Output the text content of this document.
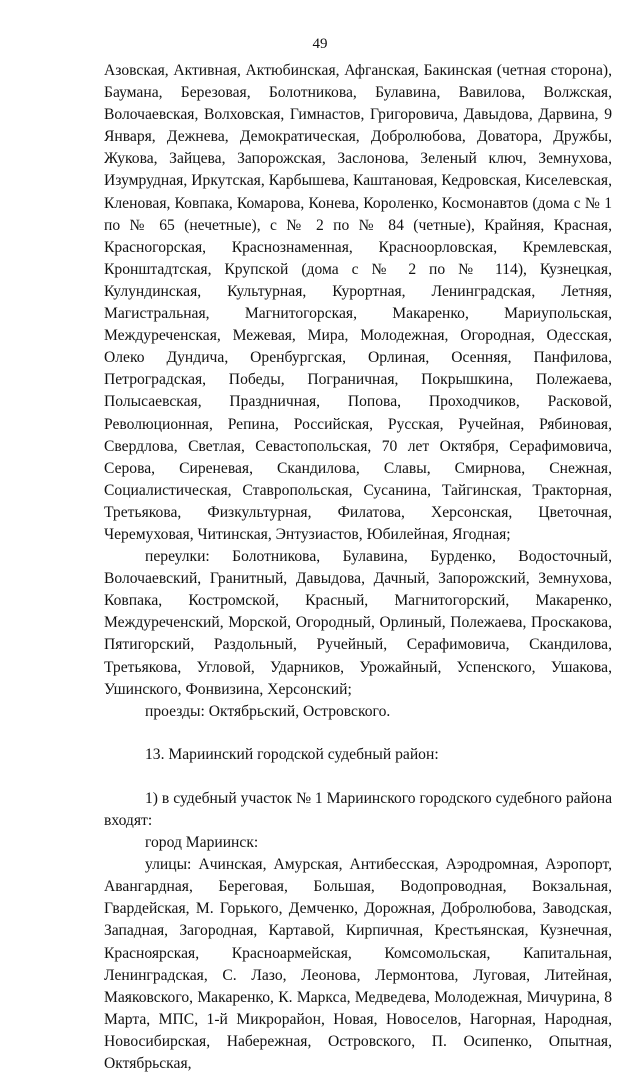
49

Азовская, Активная, Актюбинская, Афганская, Бакинская (четная сторона), Баумана, Березовая, Болотникова, Булавина, Вавилова, Волжская, Волочаевская, Волховская, Гимнастов, Григоровича, Давыдова, Дарвина, 9 Января, Дежнева, Демократическая, Добролюбова, Доватора, Дружбы, Жукова, Зайцева, Запорожская, Заслонова, Зеленый ключ, Земнухова, Изумрудная, Иркутская, Карбышева, Каштановая, Кедровская, Киселевская, Кленовая, Ковпака, Комарова, Конева, Короленко, Космонавтов (дома с № 1 по № 65 (нечетные), с № 2 по № 84 (четные), Крайняя, Красная, Красногорская, Краснознаменная, Красноорловская, Кремлевская, Кронштадтская, Крупской (дома с № 2 по № 114), Кузнецкая, Кулундинская, Культурная, Курортная, Ленинградская, Летняя, Магистральная, Магнитогорская, Макаренко, Мариупольская, Междуреченская, Межевая, Мира, Молодежная, Огородная, Одесская, Олеко Дундича, Оренбургская, Орлиная, Осенняя, Панфилова, Петроградская, Победы, Пограничная, Покрышкина, Полежаева, Полысаевская, Праздничная, Попова, Проходчиков, Расковой, Революционная, Репина, Российская, Русская, Ручейная, Рябиновая, Свердлова, Светлая, Севастопольская, 70 лет Октября, Серафимовича, Серова, Сиреневая, Скандилова, Славы, Смирнова, Снежная, Социалистическая, Ставропольская, Сусанина, Тайгинская, Тракторная, Третьякова, Физкультурная, Филатова, Херсонская, Цветочная, Черемуховая, Читинская, Энтузиастов, Юбилейная, Ягодная;

переулки: Болотникова, Булавина, Бурденко, Водосточный, Волочаевский, Гранитный, Давыдова, Дачный, Запорожский, Земнухова, Ковпака, Костромской, Красный, Магнитогорский, Макаренко, Междуреченский, Морской, Огородный, Орлиный, Полежаева, Проскакова, Пятигорский, Раздольный, Ручейный, Серафимовича, Скандилова, Третьякова, Угловой, Ударников, Урожайный, Успенского, Ушакова, Ушинского, Фонвизина, Херсонский;

проезды: Октябрьский, Островского.

13. Мариинский городской судебный район:

1) в судебный участок № 1 Мариинского городского судебного района входят:

город Мариинск:

улицы: Ачинская, Амурская, Антибесская, Аэродромная, Аэропорт, Авангардная, Береговая, Большая, Водопроводная, Вокзальная, Гвардейская, М. Горького, Демченко, Дорожная, Добролюбова, Заводская, Западная, Загородная, Картавой, Кирпичная, Крестьянская, Кузнечная, Красноярская, Красноармейская, Комсомольская, Капитальная, Ленинградская, С. Лазо, Леонова, Лермонтова, Луговая, Литейная, Маяковского, Макаренко, К. Маркса, Медведева, Молодежная, Мичурина, 8 Марта, МПС, 1-й Микрорайон, Новая, Новоселов, Нагорная, Народная, Новосибирская, Набережная, Островского, П. Осипенко, Опытная, Октябрьская,
